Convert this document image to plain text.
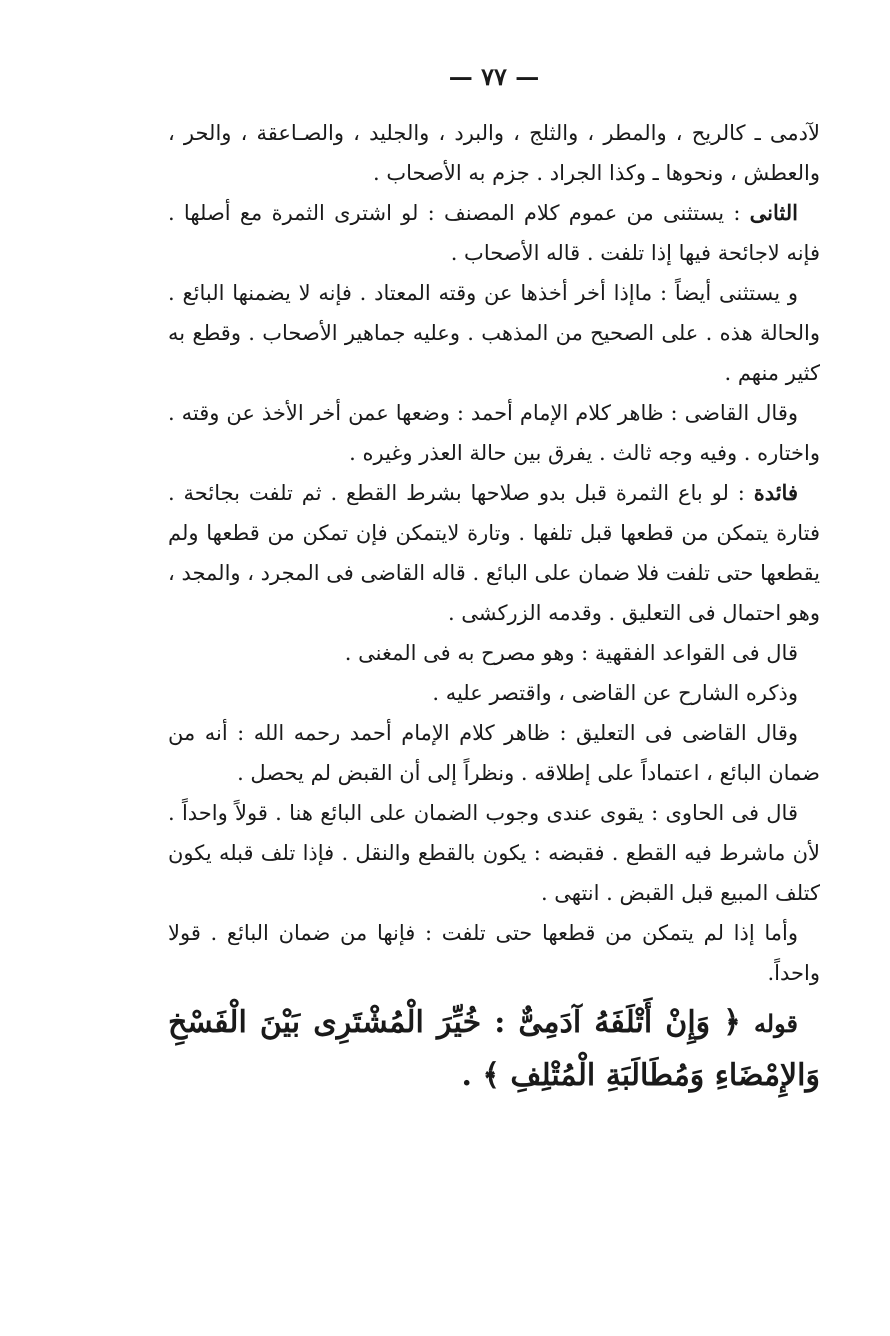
— ٧٧ —

لآدمى ـ كالريح ، والمطر ، والثلج ، والبرد ، والجليد ، والصـاعقة ، والحر ، والعطش ، ونحوها ـ وكذا الجراد . جزم به الأصحاب .

الثانى : يستثنى من عموم كلام المصنف : لو اشترى الثمرة مع أصلها . فإنه لاجائحة فيها إذا تلفت . قاله الأصحاب .

و يستثنى أيضاً : ماإذا أخر أخذها عن وقته المعتاد . فإنه لا يضمنها البائع . والحالة هذه . على الصحيح من المذهب . وعليه جماهير الأصحاب . وقطع به كثير منهم .

وقال القاضى : ظاهر كلام الإمام أحمد : وضعها عمن أخر الأخذ عن وقته . واختاره . وفيه وجه ثالث . يفرق بين حالة العذر وغيره .

فائدة : لو باع الثمرة قبل بدو صلاحها بشرط القطع . ثم تلفت بجائحة . فتارة يتمكن من قطعها قبل تلفها . وتارة لايتمكن فإن تمكن من قطعها ولم يقطعها حتى تلفت فلا ضمان على البائع . قاله القاضى فى المجرد ، والمجد ، وهو احتمال فى التعليق . وقدمه الزركشى .

قال فى القواعد الفقهية : وهو مصرح به فى المغنى .

وذكره الشارح عن القاضى ، واقتصر عليه .

وقال القاضى فى التعليق : ظاهر كلام الإمام أحمد رحمه الله : أنه من ضمان البائع ، اعتماداً على إطلاقه . ونظراً إلى أن القبض لم يحصل .

قال فى الحاوى : يقوى عندى وجوب الضمان على البائع هنا . قولاً واحداً . لأن ماشرط فيه القطع . فقبضه : يكون بالقطع والنقل . فإذا تلف قبله يكون كتلف المبيع قبل القبض . انتهى .

وأما إذا لم يتمكن من قطعها حتى تلفت : فإنها من ضمان البائع . قولا واحداً.

قوله ﴿ وَإِنْ أَتْلَفَهُ آدَمِىٌّ : خُيِّرَ الْمُشْتَرِى بَيْنَ الْفَسْخِ وَالإِمْضَاءِ وَمُطَالَبَةِ الْمُتْلِفِ ﴾ .
